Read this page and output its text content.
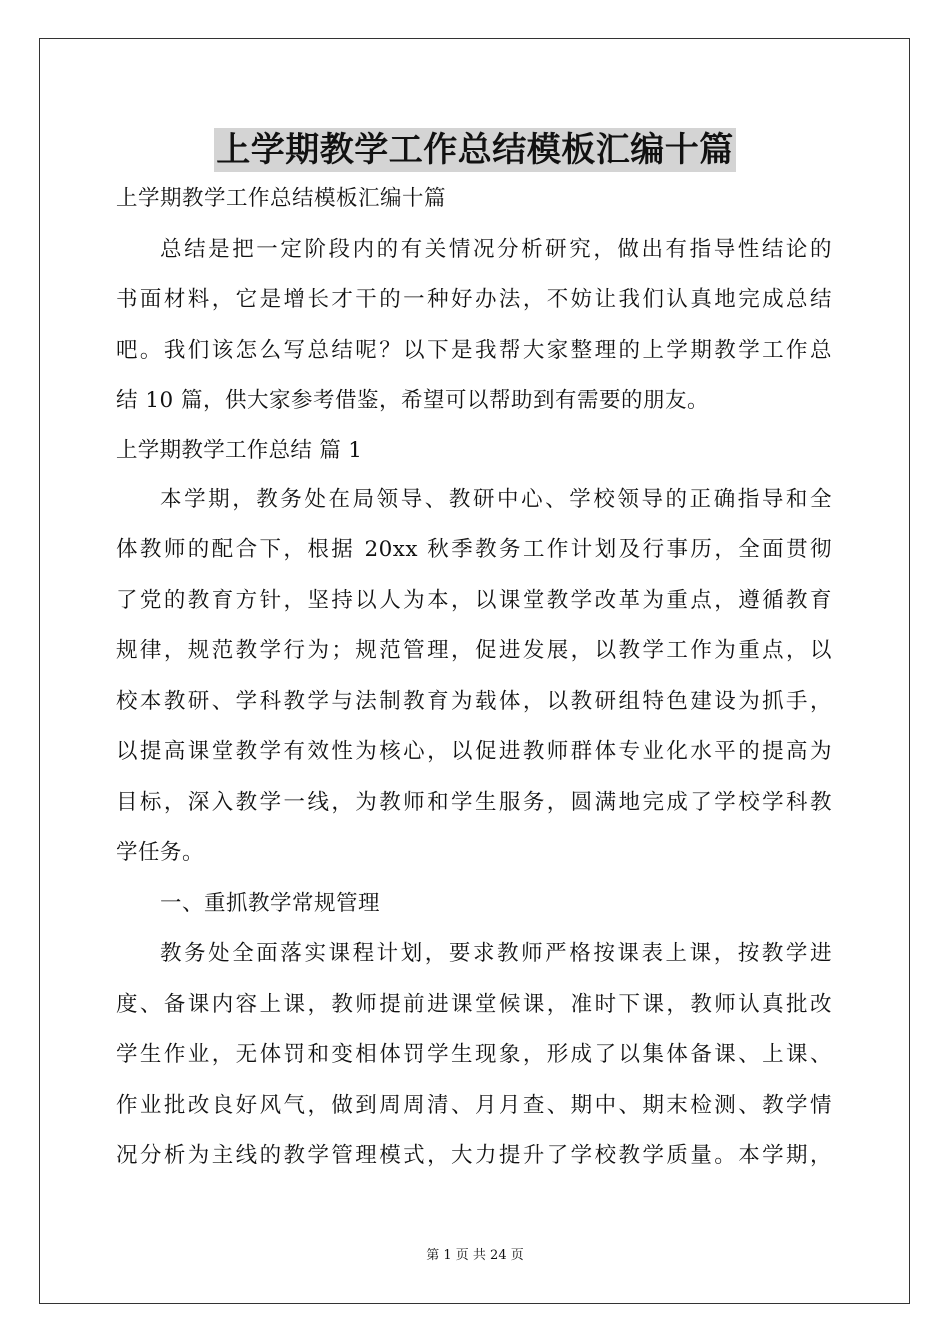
上学期教学工作总结模板汇编十篇
上学期教学工作总结模板汇编十篇
总结是把一定阶段内的有关情况分析研究，做出有指导性结论的
书面材料，它是增长才干的一种好办法，不妨让我们认真地完成总结
吧。我们该怎么写总结呢？以下是我帮大家整理的上学期教学工作总
结 10 篇，供大家参考借鉴，希望可以帮助到有需要的朋友。
上学期教学工作总结 篇 1
本学期，教务处在局领导、教研中心、学校领导的正确指导和全
体教师的配合下，根据 20xx 秋季教务工作计划及行事历，全面贯彻
了党的教育方针，坚持以人为本，以课堂教学改革为重点，遵循教育
规律，规范教学行为；规范管理，促进发展，以教学工作为重点，以
校本教研、学科教学与法制教育为载体，以教研组特色建设为抓手，
以提高课堂教学有效性为核心，以促进教师群体专业化水平的提高为
目标，深入教学一线，为教师和学生服务，圆满地完成了学校学科教
学任务。
一、重抓教学常规管理
教务处全面落实课程计划，要求教师严格按课表上课，按教学进
度、备课内容上课，教师提前进课堂候课，准时下课，教师认真批改
学生作业，无体罚和变相体罚学生现象，形成了以集体备课、上课、
作业批改良好风气，做到周周清、月月查、期中、期末检测、教学情
况分析为主线的教学管理模式，大力提升了学校教学质量。本学期，
第 1 页 共 24 页
